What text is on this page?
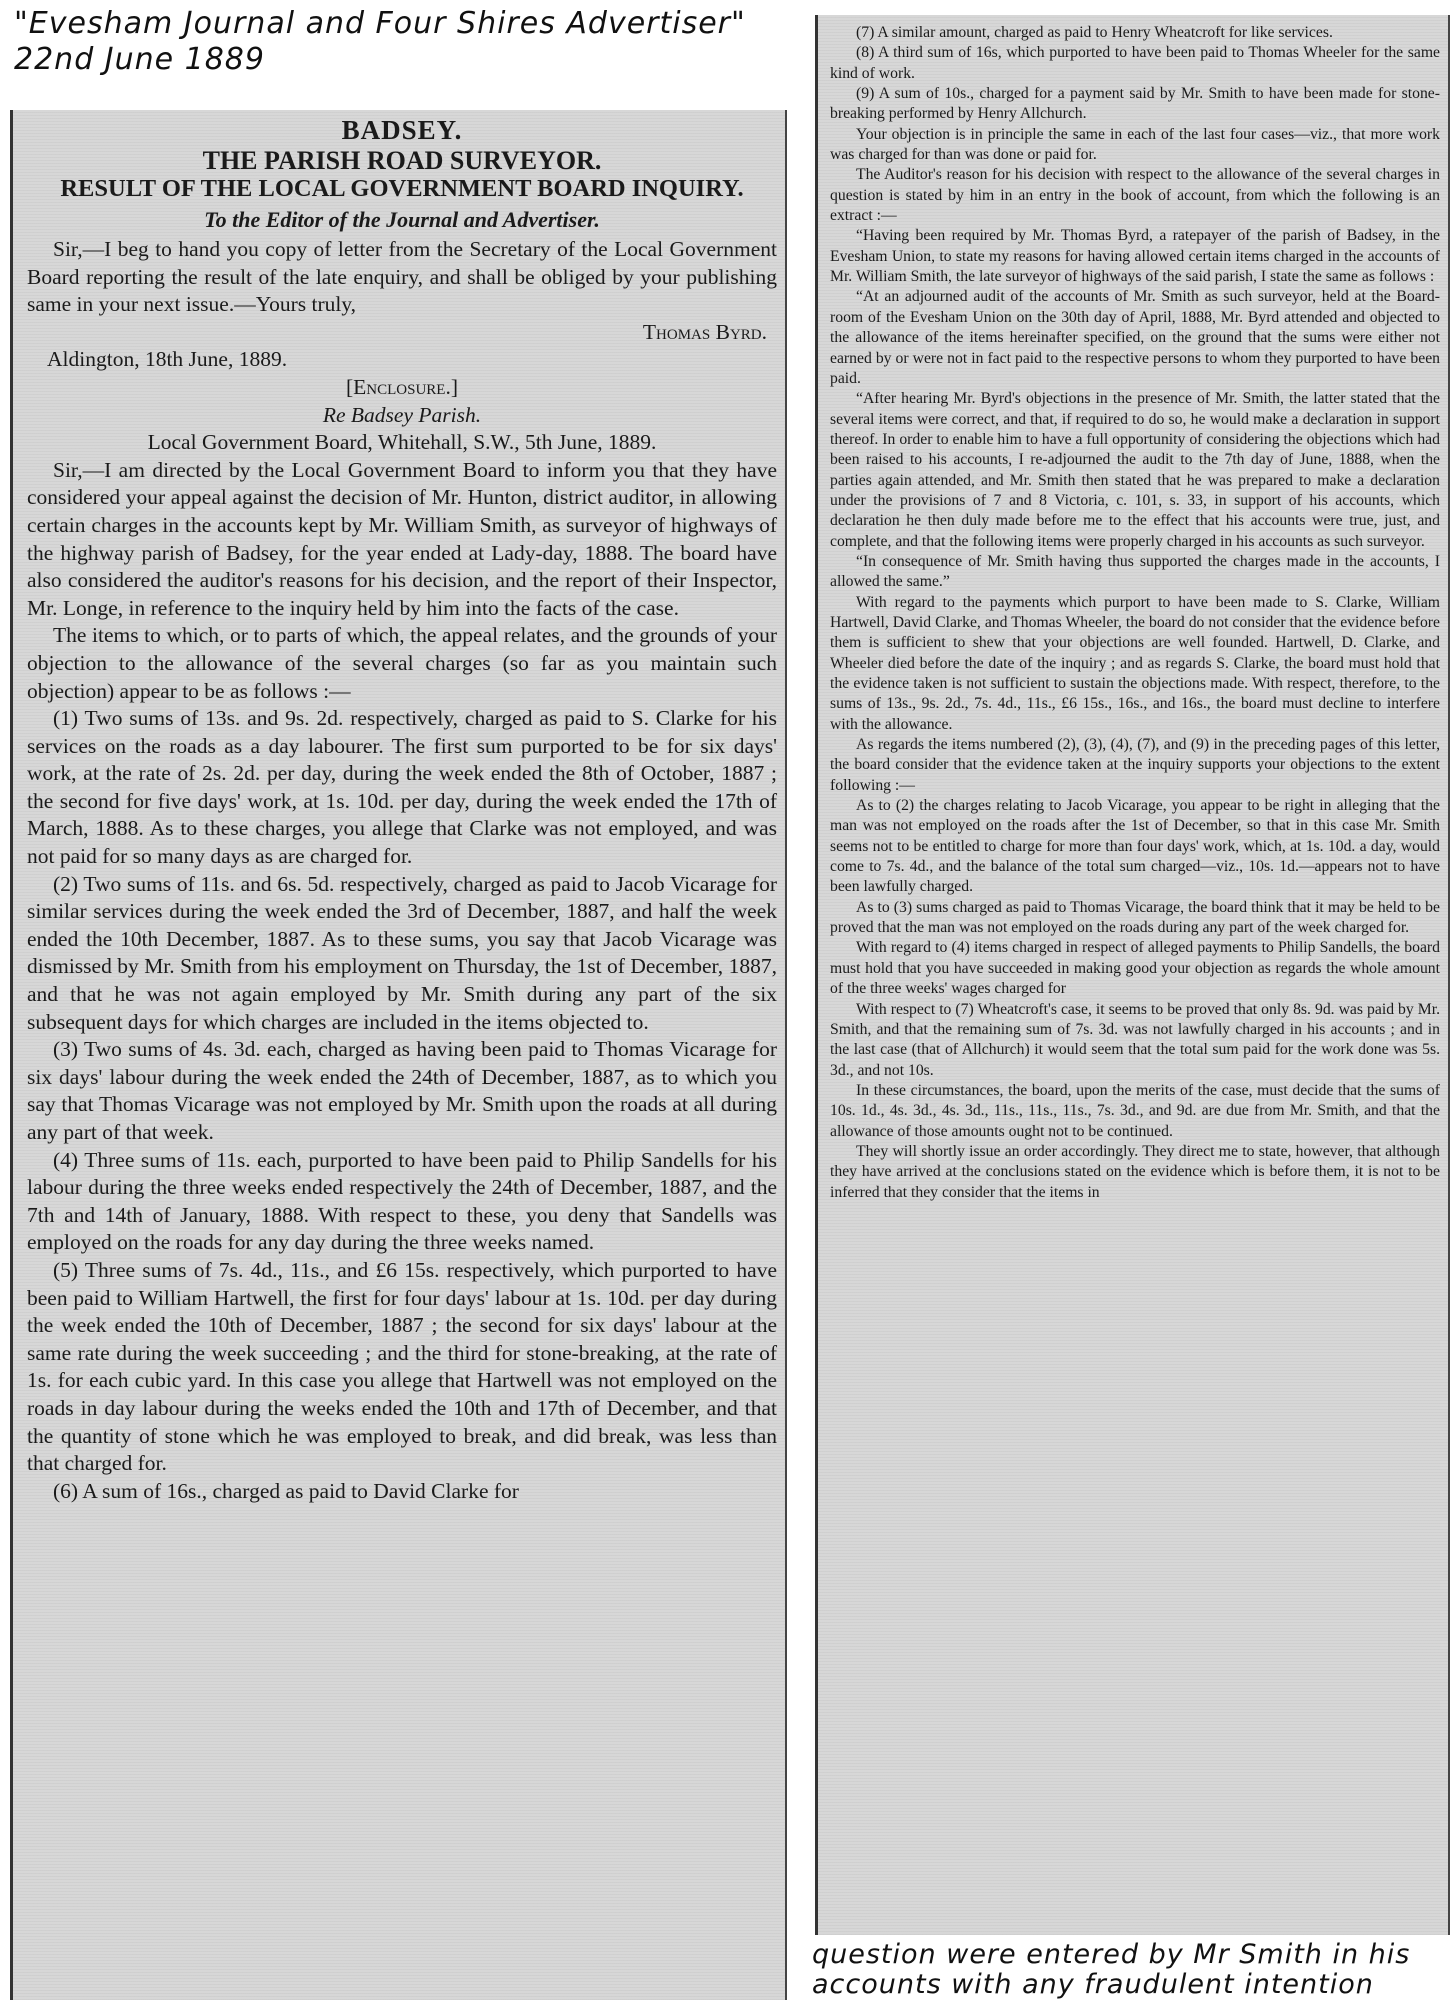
"Evesham Journal and Four Shires Advertiser" 22nd June 1889
BADSEY.
THE PARISH ROAD SURVEYOR.
RESULT OF THE LOCAL GOVERNMENT BOARD INQUIRY.
To the Editor of the Journal and Advertiser.

Sir,—I beg to hand you copy of letter from the Secretary of the Local Government Board reporting the result of the late enquiry, and shall be obliged by your publishing same in your next issue.—Yours truly,

Thomas Byrd.

Aldington, 18th June, 1889.

[Enclosure.]

Re Badsey Parish.

Local Government Board, Whitehall, S.W., 5th June, 1889.

Sir,—I am directed by the Local Government Board to inform you that they have considered your appeal against the decision of Mr. Hunton, district auditor, in allowing certain charges in the accounts kept by Mr. William Smith, as surveyor of highways of the highway parish of Badsey, for the year ended at Lady-day, 1888. The board have also considered the auditor's reasons for his decision, and the report of their Inspector, Mr. Longe, in reference to the inquiry held by him into the facts of the case.

The items to which, or to parts of which, the appeal relates, and the grounds of your objection to the allowance of the several charges (so far as you maintain such objection) appear to be as follows :—

(1) Two sums of 13s. and 9s. 2d. respectively, charged as paid to S. Clarke for his services on the roads as a day labourer. The first sum purported to be for six days' work, at the rate of 2s. 2d. per day, during the week ended the 8th of October, 1887 ; the second for five days' work, at 1s. 10d. per day, during the week ended the 17th of March, 1888. As to these charges, you allege that Clarke was not employed, and was not paid for so many days as are charged for.

(2) Two sums of 11s. and 6s. 5d. respectively, charged as paid to Jacob Vicarage for similar services during the week ended the 3rd of December, 1887, and half the week ended the 10th December, 1887. As to these sums, you say that Jacob Vicarage was dismissed by Mr. Smith from his employment on Thursday, the 1st of December, 1887, and that he was not again employed by Mr. Smith during any part of the six subsequent days for which charges are included in the items objected to.

(3) Two sums of 4s. 3d. each, charged as having been paid to Thomas Vicarage for six days' labour during the week ended the 24th of December, 1887, as to which you say that Thomas Vicarage was not employed by Mr. Smith upon the roads at all during any part of that week.

(4) Three sums of 11s. each, purported to have been paid to Philip Sandells for his labour during the three weeks ended respectively the 24th of December, 1887, and the 7th and 14th of January, 1888. With respect to these, you deny that Sandells was employed on the roads for any day during the three weeks named.

(5) Three sums of 7s. 4d., 11s., and £6 15s. respectively, which purported to have been paid to William Hartwell, the first for four days' labour at 1s. 10d. per day during the week ended the 10th of December, 1887 ; the second for six days' labour at the same rate during the week succeeding ; and the third for stone-breaking, at the rate of 1s. for each cubic yard. In this case you allege that Hartwell was not employed on the roads in day labour during the weeks ended the 10th and 17th of December, and that the quantity of stone which he was employed to break, and did break, was less than that charged for.

(6) A sum of 16s., charged as paid to David Clarke for

(7) A similar amount, charged as paid to Henry Wheatcroft for like services.

(8) A third sum of 16s, which purported to have been paid to Thomas Wheeler for the same kind of work.

(9) A sum of 10s., charged for a payment said by Mr. Smith to have been made for stone-breaking performed by Henry Allchurch.

Your objection is in principle the same in each of the last four cases—viz., that more work was charged for than was done or paid for.

The Auditor's reason for his decision with respect to the allowance of the several charges in question is stated by him in an entry in the book of account, from which the following is an extract :—

“Having been required by Mr. Thomas Byrd, a ratepayer of the parish of Badsey, in the Evesham Union, to state my reasons for having allowed certain items charged in the accounts of Mr. William Smith, the late surveyor of highways of the said parish, I state the same as follows :

“At an adjourned audit of the accounts of Mr. Smith as such surveyor, held at the Board-room of the Evesham Union on the 30th day of April, 1888, Mr. Byrd attended and objected to the allowance of the items hereinafter specified, on the ground that the sums were either not earned by or were not in fact paid to the respective persons to whom they purported to have been paid.

“After hearing Mr. Byrd's objections in the presence of Mr. Smith, the latter stated that the several items were correct, and that, if required to do so, he would make a declaration in support thereof. In order to enable him to have a full opportunity of considering the objections which had been raised to his accounts, I re-adjourned the audit to the 7th day of June, 1888, when the parties again attended, and Mr. Smith then stated that he was prepared to make a declaration under the provisions of 7 and 8 Victoria, c. 101, s. 33, in support of his accounts, which declaration he then duly made before me to the effect that his accounts were true, just, and complete, and that the following items were properly charged in his accounts as such surveyor.

“In consequence of Mr. Smith having thus supported the charges made in the accounts, I allowed the same.”

With regard to the payments which purport to have been made to S. Clarke, William Hartwell, David Clarke, and Thomas Wheeler, the board do not consider that the evidence before them is sufficient to shew that your objections are well founded. Hartwell, D. Clarke, and Wheeler died before the date of the inquiry ; and as regards S. Clarke, the board must hold that the evidence taken is not sufficient to sustain the objections made. With respect, therefore, to the sums of 13s., 9s. 2d., 7s. 4d., 11s., £6 15s., 16s., and 16s., the board must decline to interfere with the allowance.

As regards the items numbered (2), (3), (4), (7), and (9) in the preceding pages of this letter, the board consider that the evidence taken at the inquiry supports your objections to the extent following :—

As to (2) the charges relating to Jacob Vicarage, you appear to be right in alleging that the man was not employed on the roads after the 1st of December, so that in this case Mr. Smith seems not to be entitled to charge for more than four days' work, which, at 1s. 10d. a day, would come to 7s. 4d., and the balance of the total sum charged—viz., 10s. 1d.—appears not to have been lawfully charged.

As to (3) sums charged as paid to Thomas Vicarage, the board think that it may be held to be proved that the man was not employed on the roads during any part of the week charged for.

With regard to (4) items charged in respect of alleged payments to Philip Sandells, the board must hold that you have succeeded in making good your objection as regards the whole amount of the three weeks' wages charged for

With respect to (7) Wheatcroft's case, it seems to be proved that only 8s. 9d. was paid by Mr. Smith, and that the remaining sum of 7s. 3d. was not lawfully charged in his accounts ; and in the last case (that of Allchurch) it would seem that the total sum paid for the work done was 5s. 3d., and not 10s.

In these circumstances, the board, upon the merits of the case, must decide that the sums of 10s. 1d., 4s. 3d., 4s. 3d., 11s., 11s., 11s., 7s. 3d., and 9d. are due from Mr. Smith, and that the allowance of those amounts ought not to be continued.

They will shortly issue an order accordingly. They direct me to state, however, that although they have arrived at the conclusions stated on the evidence which is before them, it is not to be inferred that they consider that the items in

question were entered by Mr Smith in his accounts with any fraudulent intention
